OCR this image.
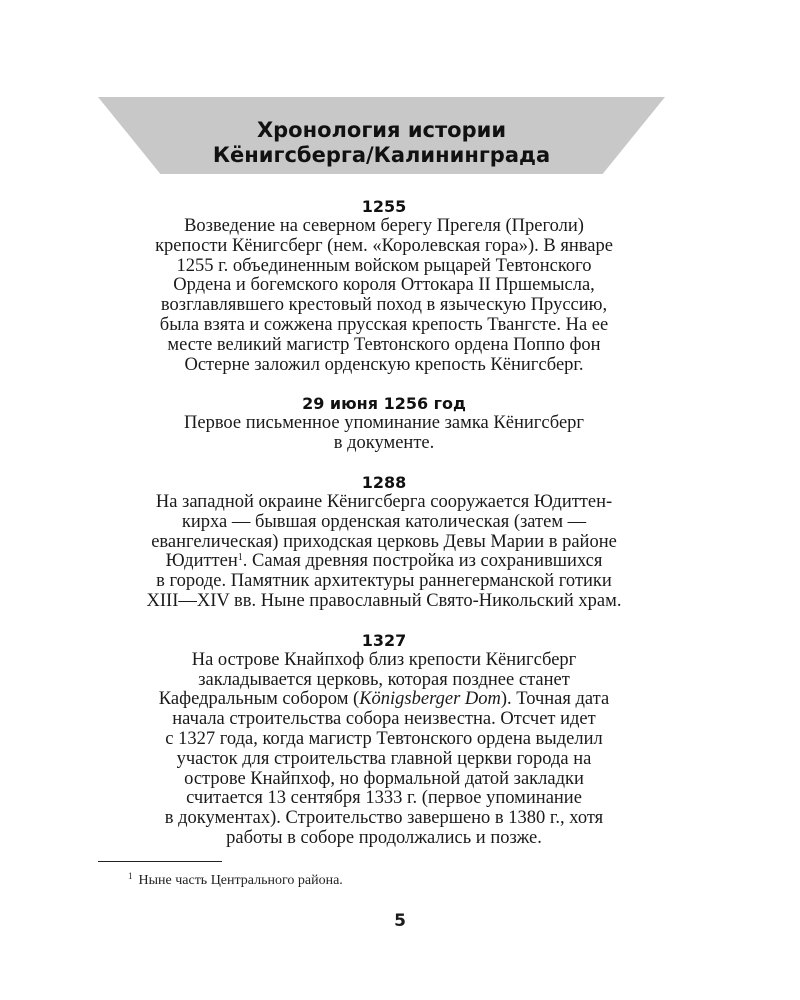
Хронология истории
Кёнигсберга/Калининграда
1255
Возведение на северном берегу Прегеля (Преголи)
крепости Кёнигсберг (нем. «Королевская гора»). В январе
1255 г. объединенным войском рыцарей Тевтонского
Ордена и богемского короля Оттокара II Пршемысла,
возглавлявшего крестовый поход в языческую Пруссию,
была взята и сожжена прусская крепость Твангсте. На ее
месте великий магистр Тевтонского ордена Поппо фон
Остерне заложил орденскую крепость Кёнигсберг.
29 июня 1256 год
Первое письменное упоминание замка Кёнигсберг
в документе.
1288
На западной окраине Кёнигсберга сооружается Юдиттен-
кирха — бывшая орденская католическая (затем —
евангелическая) приходская церковь Девы Марии в районе
Юдиттен$^1$. Самая древняя постройка из сохранившихся
в городе. Памятник архитектуры раннегерманской готики
XIII—XIV вв. Ныне православный Свято-Никольский храм.
1327
На острове Кнайпхоф близ крепости Кёнигсберг
закладывается церковь, которая позднее станет
Кафедральным собором (Königsberger Dom). Точная дата
начала строительства собора неизвестна. Отсчет идет
с 1327 года, когда магистр Тевтонского ордена выделил
участок для строительства главной церкви города на
острове Кнайпхоф, но формальной датой закладки
считается 13 сентября 1333 г. (первое упоминание
в документах). Строительство завершено в 1380 г., хотя
работы в соборе продолжались и позже.
$^1$ Ныне часть Центрального района.
5
